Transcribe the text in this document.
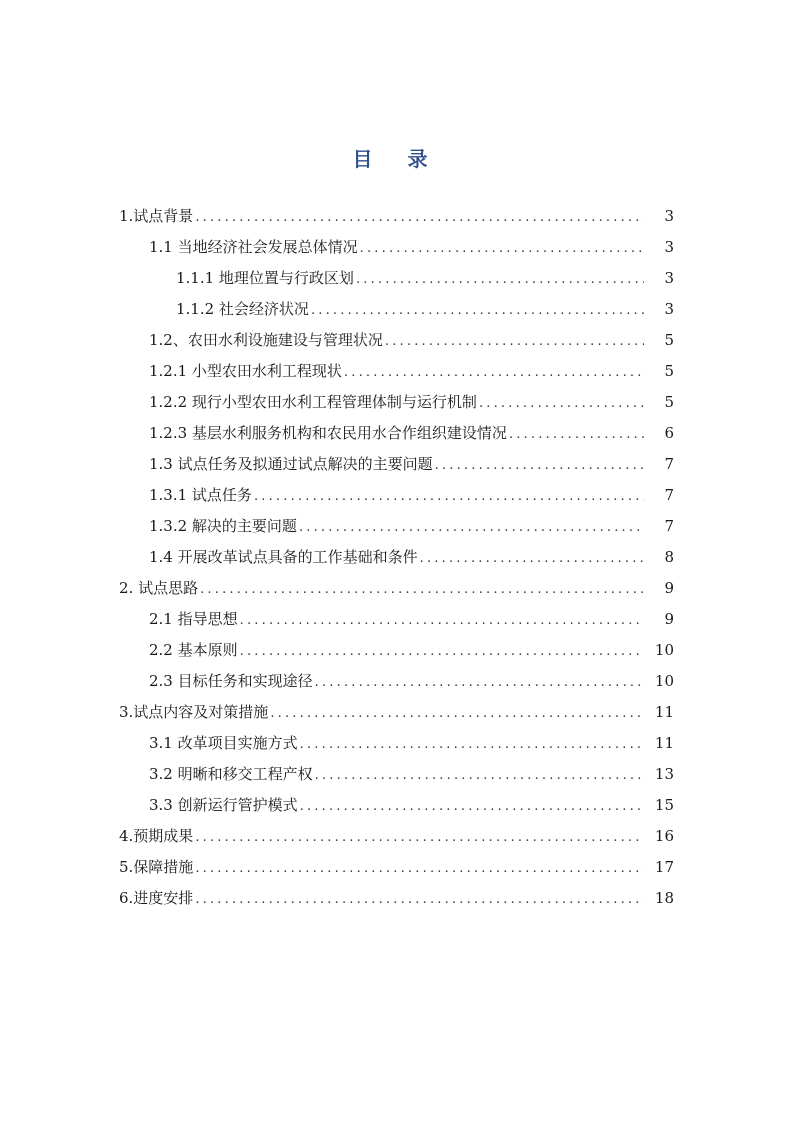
目 录
1.试点背景 .....	3
1.1 当地经济社会发展总体情况 .....	3
1.1.1 地理位置与行政区划 .....	3
1.1.2 社会经济状况 .....	3
1.2、农田水利设施建设与管理状况 .....	5
1.2.1 小型农田水利工程现状 .....	5
1.2.2 现行小型农田水利工程管理体制与运行机制 .....	5
1.2.3 基层水利服务机构和农民用水合作组织建设情况 .....	6
1.3 试点任务及拟通过试点解决的主要问题 .....	7
1.3.1 试点任务 .....	7
1.3.2 解决的主要问题 .....	7
1.4 开展改革试点具备的工作基础和条件 .....	8
2. 试点思路 .....	9
2.1 指导思想 .....	9
2.2 基本原则 .....	10
2.3 目标任务和实现途径 .....	10
3.试点内容及对策措施 .....	11
3.1 改革项目实施方式 .....	11
3.2 明晰和移交工程产权 .....	13
3.3 创新运行管护模式 .....	15
4.预期成果 .....	16
5.保障措施 .....	17
6.进度安排 .....	18
